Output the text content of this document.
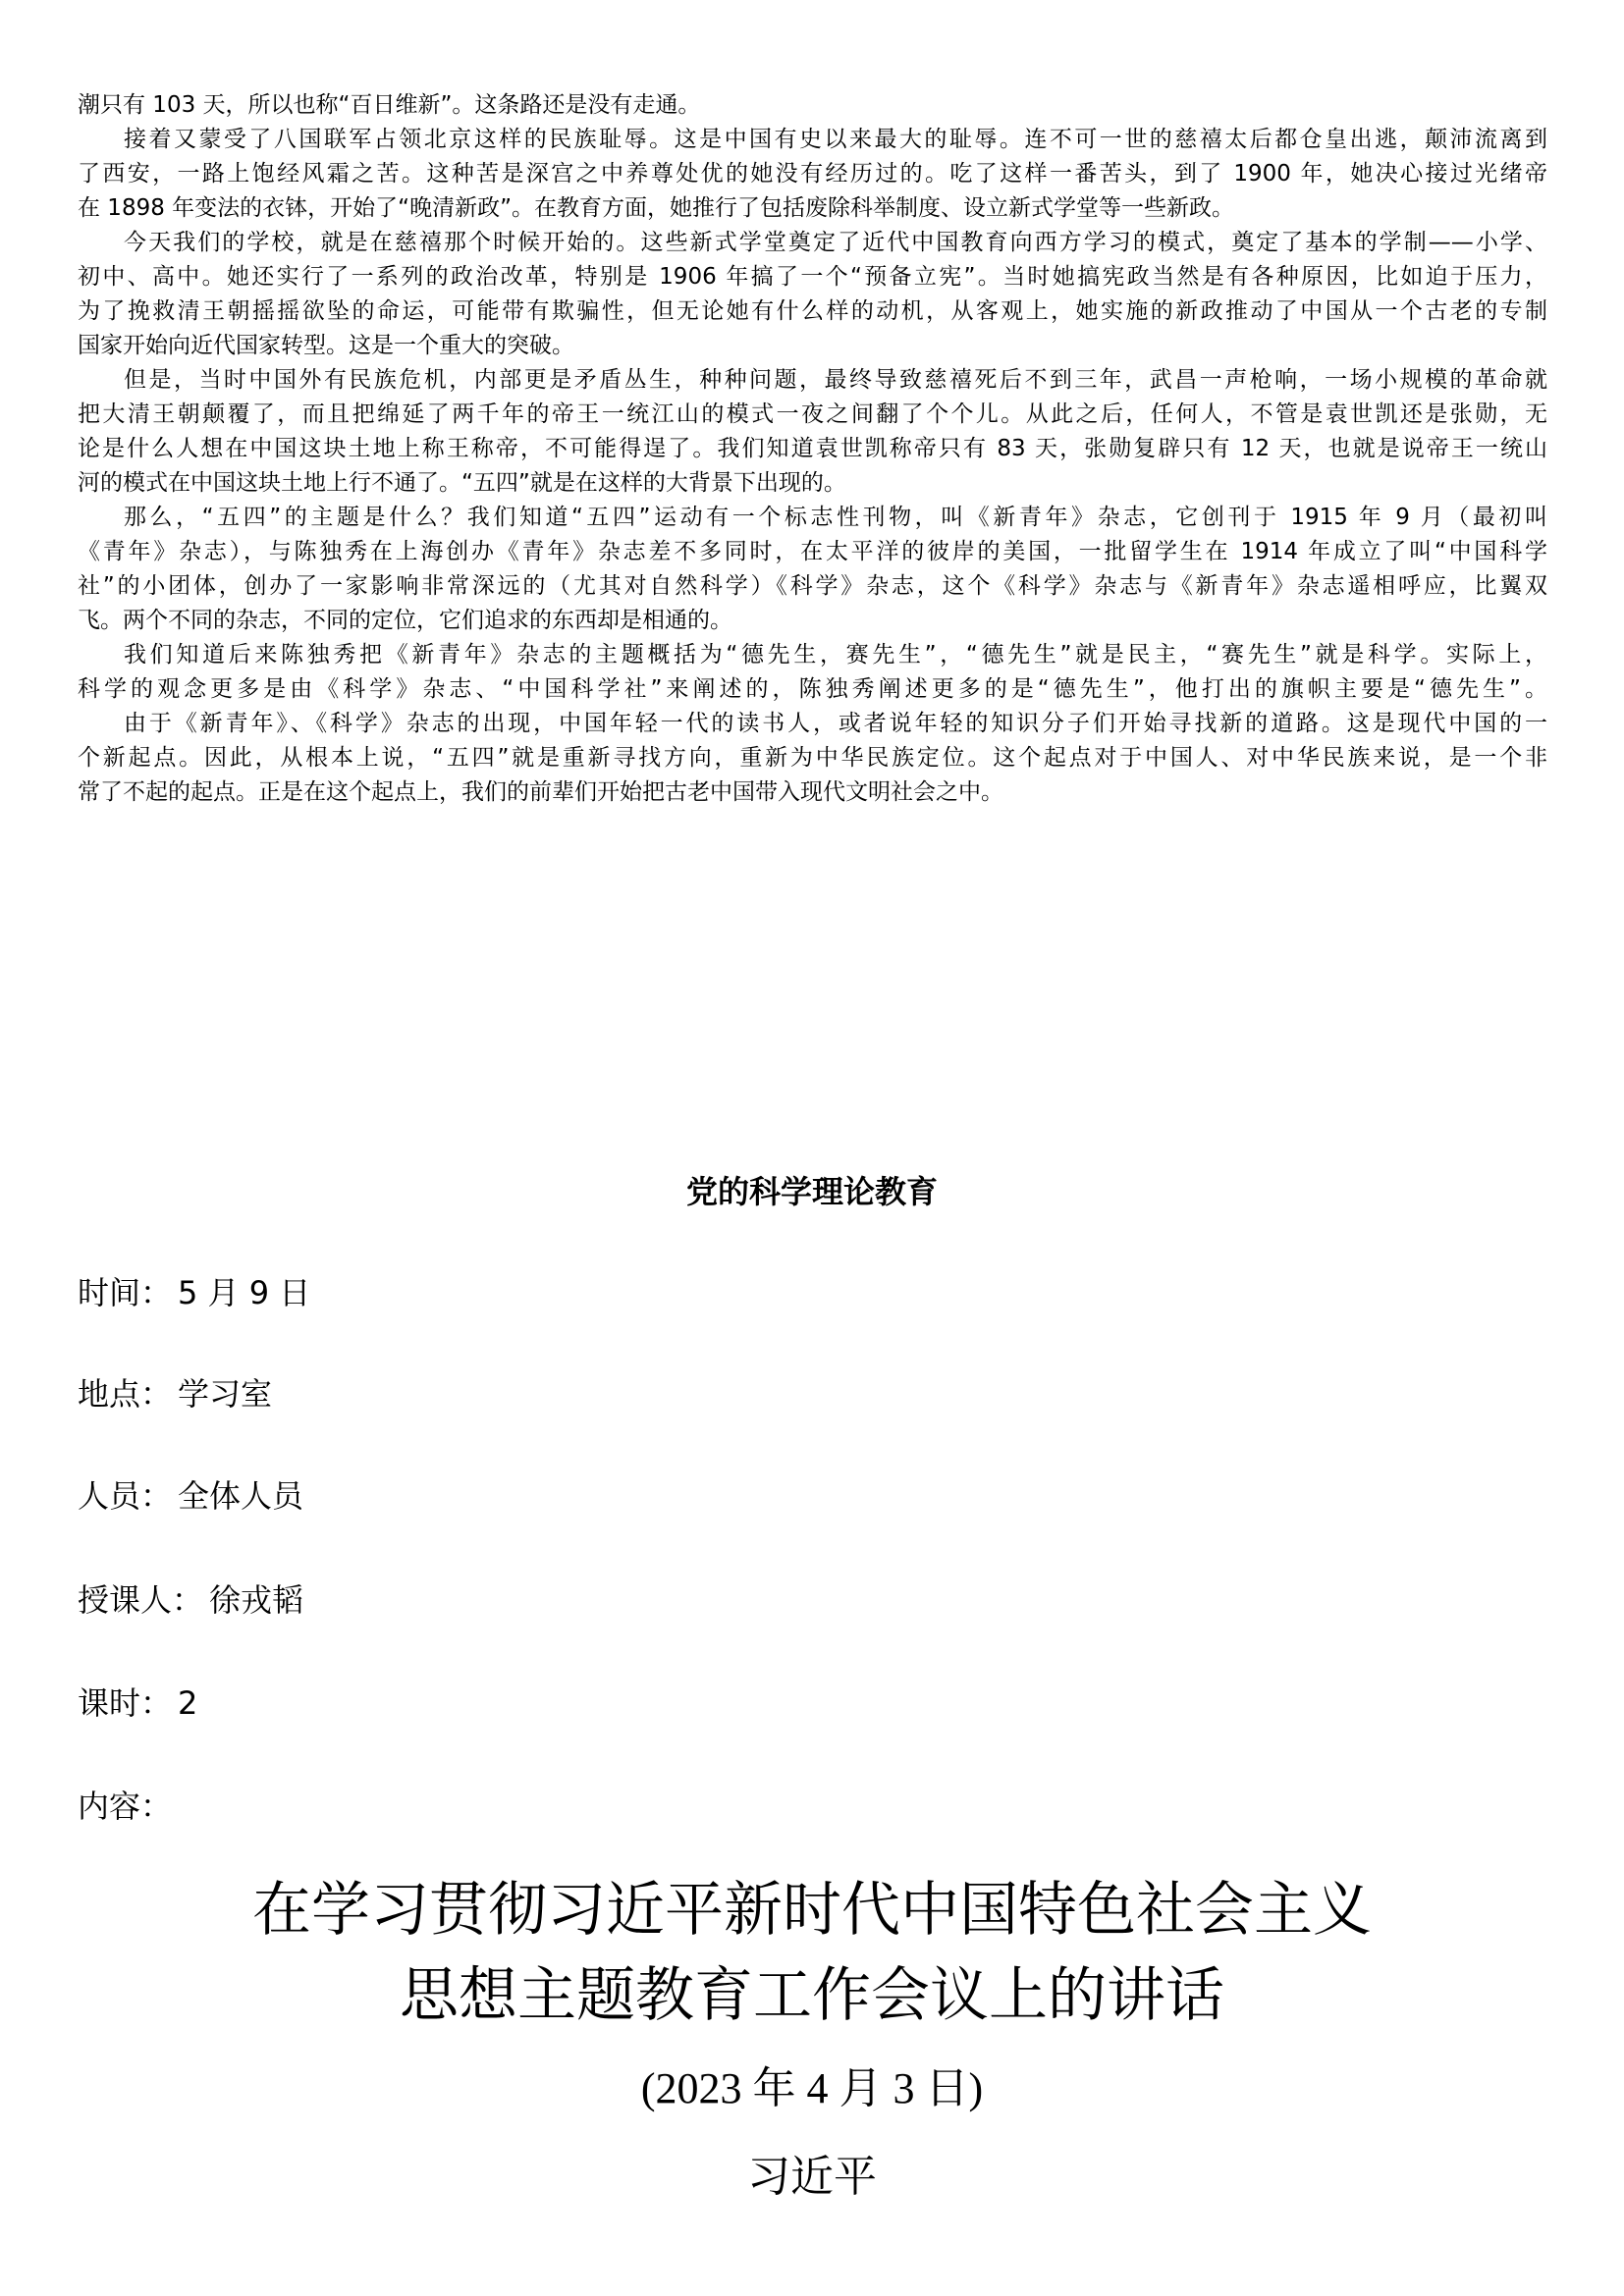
潮只有 103 天，所以也称“百日维新”。这条路还是没有走通。
接着又蒙受了八国联军占领北京这样的民族耻辱。这是中国有史以来最大的耻辱。连不可一世的慈禧太后都仓皇出逃，颠沛流离到
了西安，一路上饱经风霜之苦。这种苦是深宫之中养尊处优的她没有经历过的。吃了这样一番苦头，到了 1900 年，她决心接过光绪帝
在 1898 年变法的衣钵，开始了“晚清新政”。在教育方面，她推行了包括废除科举制度、设立新式学堂等一些新政。
今天我们的学校，就是在慈禧那个时候开始的。这些新式学堂奠定了近代中国教育向西方学习的模式，奠定了基本的学制——小学、
初中、高中。她还实行了一系列的政治改革，特别是 1906 年搞了一个“预备立宪”。当时她搞宪政当然是有各种原因，比如迫于压力，
为了挽救清王朝摇摇欲坠的命运，可能带有欺骗性，但无论她有什么样的动机，从客观上，她实施的新政推动了中国从一个古老的专制
国家开始向近代国家转型。这是一个重大的突破。
但是，当时中国外有民族危机，内部更是矛盾丛生，种种问题，最终导致慈禧死后不到三年，武昌一声枪响，一场小规模的革命就
把大清王朝颠覆了，而且把绵延了两千年的帝王一统江山的模式一夜之间翻了个个儿。从此之后，任何人，不管是袁世凯还是张勋，无
论是什么人想在中国这块土地上称王称帝，不可能得逞了。我们知道袁世凯称帝只有 83 天，张勋复辟只有 12 天，也就是说帝王一统山
河的模式在中国这块土地上行不通了。“五四”就是在这样的大背景下出现的。
那么，“五四”的主题是什么？我们知道“五四”运动有一个标志性刊物，叫《新青年》杂志，它创刊于 1915 年 9 月（最初叫
《青年》杂志），与陈独秀在上海创办《青年》杂志差不多同时，在太平洋的彼岸的美国，一批留学生在 1914 年成立了叫“中国科学
社”的小团体，创办了一家影响非常深远的（尤其对自然科学）《科学》杂志，这个《科学》杂志与《新青年》杂志遥相呼应，比翼双
飞。两个不同的杂志，不同的定位，它们追求的东西却是相通的。
我们知道后来陈独秀把《新青年》杂志的主题概括为“德先生，赛先生”，“德先生”就是民主，“赛先生”就是科学。实际上，
科学的观念更多是由《科学》杂志、“中国科学社”来阐述的，陈独秀阐述更多的是“德先生”，他打出的旗帜主要是“德先生”。
由于《新青年》、《科学》杂志的出现，中国年轻一代的读书人，或者说年轻的知识分子们开始寻找新的道路。这是现代中国的一
个新起点。因此，从根本上说，“五四”就是重新寻找方向，重新为中华民族定位。这个起点对于中国人、对中华民族来说，是一个非
常了不起的起点。正是在这个起点上，我们的前辈们开始把古老中国带入现代文明社会之中。
党的科学理论教育
时间： 5 月 9 日
地点： 学习室
人员： 全体人员
授课人： 徐戎韬
课时： 2
内容：
在学习贯彻习近平新时代中国特色社会主义
思想主题教育工作会议上的讲话
(2023 年 4 月 3 日)
习近平
